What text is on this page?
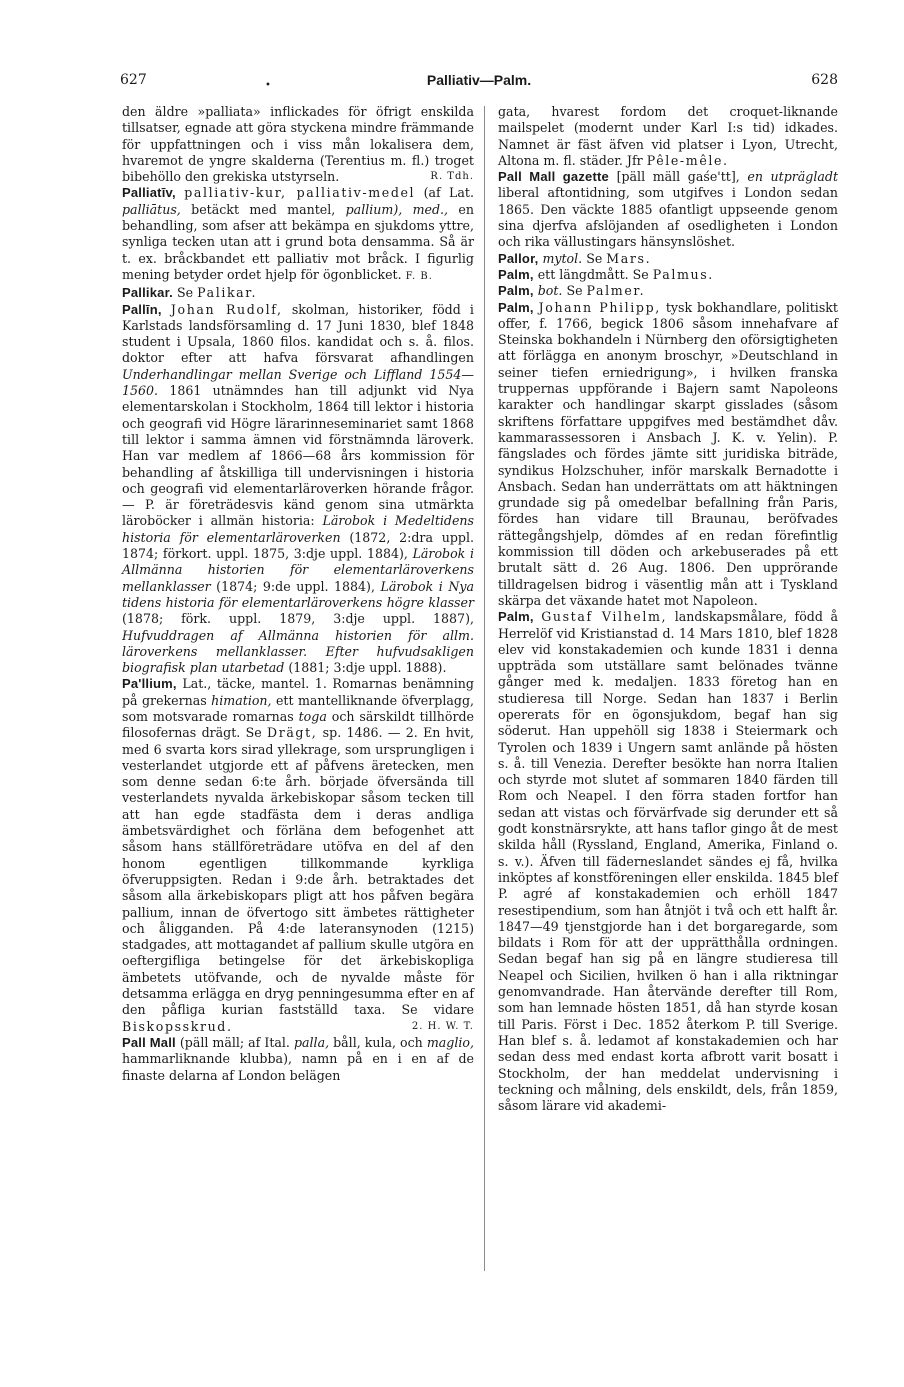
627	•	Palliativ—Palm.	628

den äldre »palliata» inflickades för öfrigt enskilda tillsatser, egnade att göra styckena mindre främmande för uppfattningen och i viss mån lokalisera dem, hvaremot de yngre skalderna (Terentius m. fl.) troget bibehöllo den grekiska utstyrseln.	R. Tdh.

Palliatīv, palliativ-kur, palliativ-medel (af Lat. palliātus, betäckt med mantel, pallium), med., en behandling, som afser att bekämpa en sjukdoms yttre, synliga tecken utan att i grund bota densamma. Så är t. ex. bråckbandet ett palliativ mot bråck. I figurlig mening betyder ordet hjelp för ögonblicket. F. B.

Pallikar. Se Palikar.

Pallīn, Johan Rudolf, skolman, historiker, född i Karlstads landsförsamling d. 17 Juni 1830, blef 1848 student i Upsala, 1860 filos. kandidat och s. å. filos. doktor efter att hafva försvarat afhandlingen Underhandlingar mellan Sverige och Liffland 1554—1560. 1861 utnämndes han till adjunkt vid Nya elementarskolan i Stockholm, 1864 till lektor i historia och geografi vid Högre lärarinneseminariet samt 1868 till lektor i samma ämnen vid förstnämnda läroverk. Han var medlem af 1866—68 års kommission för behandling af åtskilliga till undervisningen i historia och geografi vid elementarläroverken hörande frågor. — P. är företrädesvis känd genom sina utmärkta läroböcker i allmän historia: Lärobok i Medeltidens historia för elementarläroverken (1872, 2:dra uppl. 1874; förkort. uppl. 1875, 3:dje uppl. 1884), Lärobok i Allmänna historien för elementarläroverkens mellanklasser (1874; 9:de uppl. 1884), Lärobok i Nya tidens historia för elementarläroverkens högre klasser (1878; förk. uppl. 1879, 3:dje uppl. 1887), Hufvuddragen af Allmänna historien för allm. läroverkens mellanklasser. Efter hufvudsakligen biografisk plan utarbetad (1881; 3:dje uppl. 1888).

Pa'llium, Lat., täcke, mantel. 1. Romarnas benämning på grekernas himation, ett mantelliknande öfverplagg, som motsvarade romarnas toga och särskildt tillhörde filosofernas drägt. Se Drägt, sp. 1486. — 2. En hvit, med 6 svarta kors sirad yllekrage, som ursprungligen i vesterlandet utgjorde ett af påfvens äretecken, men som denne sedan 6:te årh. började öfversända till vesterlandets nyvalda ärkebiskopar såsom tecken till att han egde stadfästa dem i deras andliga ämbetsvärdighet och förläna dem befogenhet att såsom hans ställföreträdare utöfva en del af den honom egentligen tillkommande kyrkliga öfveruppsigten. Redan i 9:de årh. betraktades det såsom alla ärkebiskopars pligt att hos påfven begära pallium, innan de öfvertogo sitt ämbetes rättigheter och åligganden. På 4:de lateransynoden (1215) stadgades, att mottagandet af pallium skulle utgöra en oeftergifliga betingelse för det ärkebiskopliga ämbetets utöfvande, och de nyvalde måste för detsamma erlägga en dryg penningesumma efter en af den påfliga kurian fastställd taxa. Se vidare Biskopsskrud.	2. H. W. T.

Pall Mall (päll mäll; af Ital. palla, båll, kula, och maglio, hammarliknande klubba), namn på en i en af de finaste delarna af London belägen

gata, hvarest fordom det croquet-liknande mailspelet (modernt under Karl I:s tid) idkades. Namnet är fäst äfven vid platser i Lyon, Utrecht, Altona m. fl. städer. Jfr Pêle-mêle.

Pall Mall gazette [päll mäll gaśe'tt], en utprägladt liberal aftontidning, som utgifves i London sedan 1865. Den väckte 1885 ofantligt uppseende genom sina djerfva afslöjanden af osedligheten i London och rika vällustingars hänsynslöshet.

Pallor, mytol. Se Mars.

Palm, ett längdmått. Se Palmus.

Palm, bot. Se Palmer.

Palm, Johann Philipp, tysk bokhandlare, politiskt offer, f. 1766, begick 1806 såsom innehafvare af Steinska bokhandeln i Nürnberg den oförsigtigheten att förlägga en anonym broschyr, »Deutschland in seiner tiefen erniedrigung», i hvilken franska truppernas uppförande i Bajern samt Napoleons karakter och handlingar skarpt gisslades (såsom skriftens författare uppgifves med bestämdhet dåv. kammarassessoren i Ansbach J. K. v. Yelin). P. fängslades och fördes jämte sitt juridiska biträde, syndikus Holzschuher, inför marskalk Bernadotte i Ansbach. Sedan han underrättats om att häktningen grundade sig på omedelbar befallning från Paris, fördes han vidare till Braunau, beröfvades rättegångshjelp, dömdes af en redan förefintlig kommission till döden och arkebuserades på ett brutalt sätt d. 26 Aug. 1806. Den upprörande tilldragelsen bidrog i väsentlig mån att i Tyskland skärpa det växande hatet mot Napoleon.

Palm, Gustaf Vilhelm, landskapsmålare, född å Herrelöf vid Kristianstad d. 14 Mars 1810, blef 1828 elev vid konstakademien och kunde 1831 i denna uppträda som utställare samt belönades tvänne gånger med k. medaljen. 1833 företog han en studieresa till Norge. Sedan han 1837 i Berlin opererats för en ögonsjukdom, begaf han sig söderut. Han uppehöll sig 1838 i Steiermark och Tyrolen och 1839 i Ungern samt anlände på hösten s. å. till Venezia. Derefter besökte han norra Italien och styrde mot slutet af sommaren 1840 färden till Rom och Neapel. I den förra staden fortfor han sedan att vistas och förvärfvade sig derunder ett så godt konstnärsrykte, att hans taflor gingo åt de mest skilda håll (Ryssland, England, Amerika, Finland o. s. v.). Äfven till fäderneslandet sändes ej få, hvilka inköptes af konstföreningen eller enskilda. 1845 blef P. agré af konstakademien och erhöll 1847 resestipendium, som han åtnjöt i två och ett halft år. 1847—49 tjenstgjorde han i det borgaregarde, som bildats i Rom för att der upprätthålla ordningen. Sedan begaf han sig på en längre studieresa till Neapel och Sicilien, hvilken ö han i alla riktningar genomvandrade. Han återvände derefter till Rom, som han lemnade hösten 1851, då han styrde kosan till Paris. Först i Dec. 1852 återkom P. till Sverige. Han blef s. å. ledamot af konstakademien och har sedan dess med endast korta afbrott varit bosatt i Stockholm, der han meddelat undervisning i teckning och målning, dels enskildt, dels, från 1859, såsom lärare vid akademi-
